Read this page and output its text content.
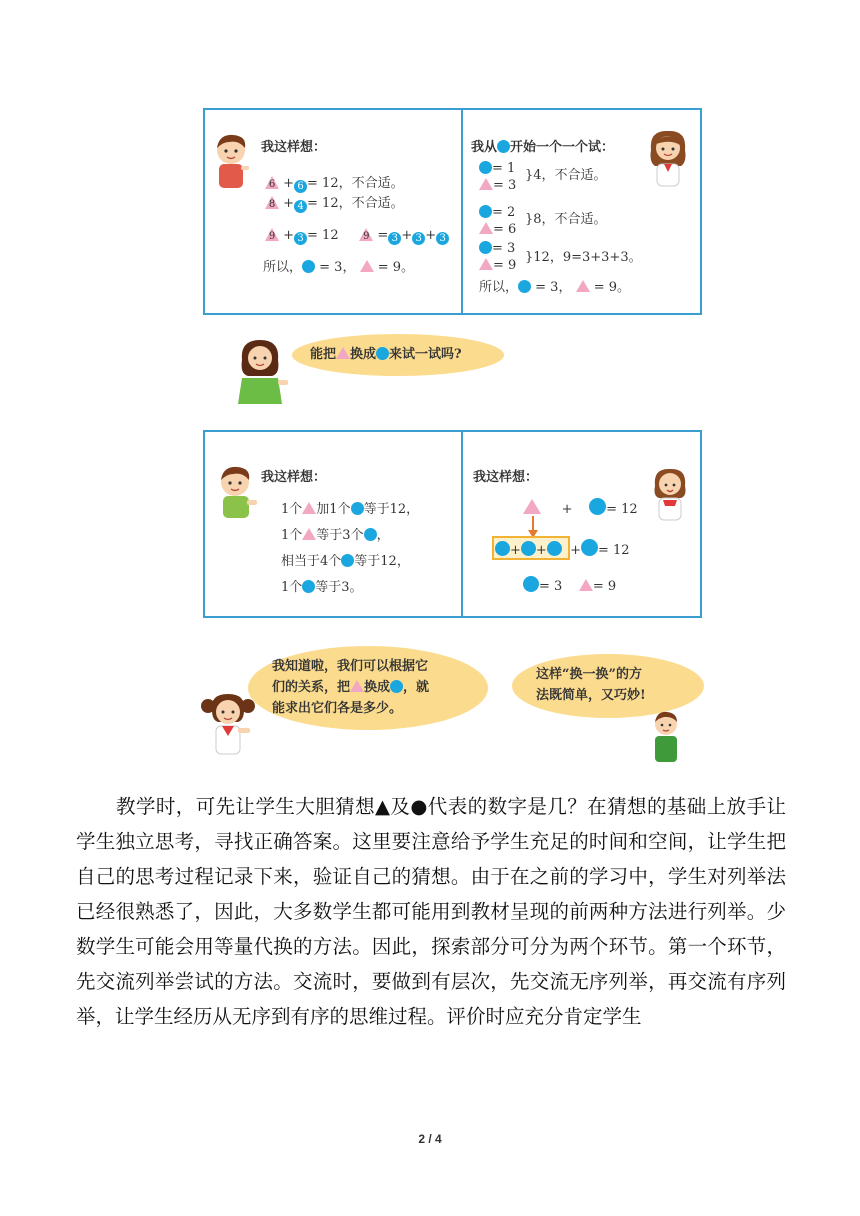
我这样想：
6 + 6 = 12，不合适。
8 + 4 = 12，不合适。
9 + 3 = 12	9 = 3 + 3 + 3
所以， = 3， = 9。
我从 开始一个一个试：
= 1
= 3
}4，不合适。
= 2
= 6
}8，不合适。
= 3
= 9
}12，9=3+3+3。
所以， = 3， = 9。
能把 换成 来试一试吗?
我这样想：
1个 加1个 等于12，
1个 等于3个 ，
相当于4个 等于12，
1个 等于3。
我这样想：
+	= 12
+ + + = 12
= 3 = 9
我知道啦，我们可以根据它
们的关系，把 换成 ，就
能求出它们各是多少。
这样“换一换”的方
法既简单，又巧妙!
教学时，可先让学生大胆猜想▲及●代表的数字是几？在猜想的基础上放手让学生独立思考，寻找正确答案。这里要注意给予学生充足的时间和空间，让学生把自己的思考过程记录下来，验证自己的猜想。由于在之前的学习中，学生对列举法已经很熟悉了，因此，大多数学生都可能用到教材呈现的前两种方法进行列举。少数学生可能会用等量代换的方法。因此，探索部分可分为两个环节。第一个环节，先交流列举尝试的方法。交流时，要做到有层次，先交流无序列举，再交流有序列举，让学生经历从无序到有序的思维过程。评价时应充分肯定学生
2 / 4
